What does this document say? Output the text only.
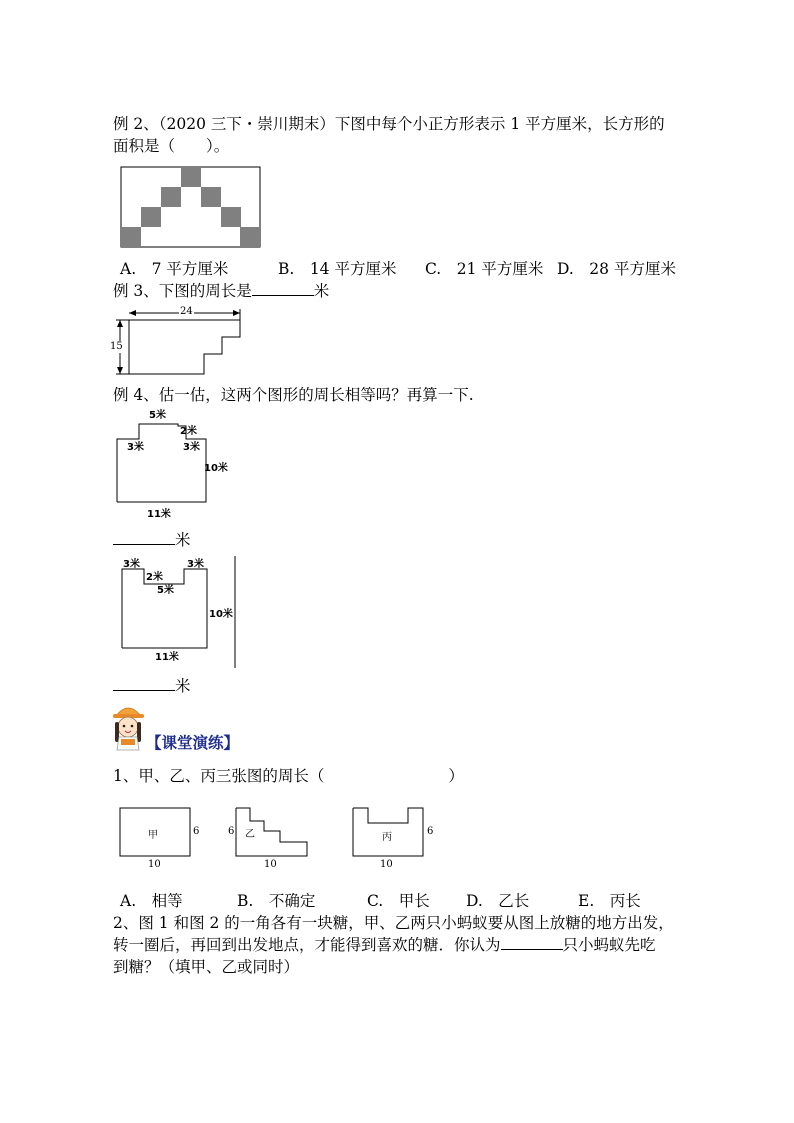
例 2、（2020 三下・崇川期末）下图中每个小正方形表示 1 平方厘米，长方形的
面积是（　　）。
A.　7 平方厘米	B.　14 平方厘米 C.　21 平方厘米 D.　28 平方厘米
例 3、下图的周长是	米
24
15
例 4、估一估，这两个图形的周长相等吗？再算一下.
5米
2米
3米	3米
10米
11米
米
3米
2米
5米
3米
10米
11米
米
【课堂演练】
1、甲、乙、丙三张图的周长（　　　　　　　　）
甲	6
10
乙
6
10
丙
6
10
A.　相等	B.　不确定	C.　甲长 D.　乙长	E.　丙长
2、图 1 和图 2 的一角各有一块糖，甲、乙两只小蚂蚁要从图上放糖的地方出发，
转一圈后，再回到出发地点，才能得到喜欢的糖．你认为	只小蚂蚁先吃
到糖？（填甲、乙或同时）
